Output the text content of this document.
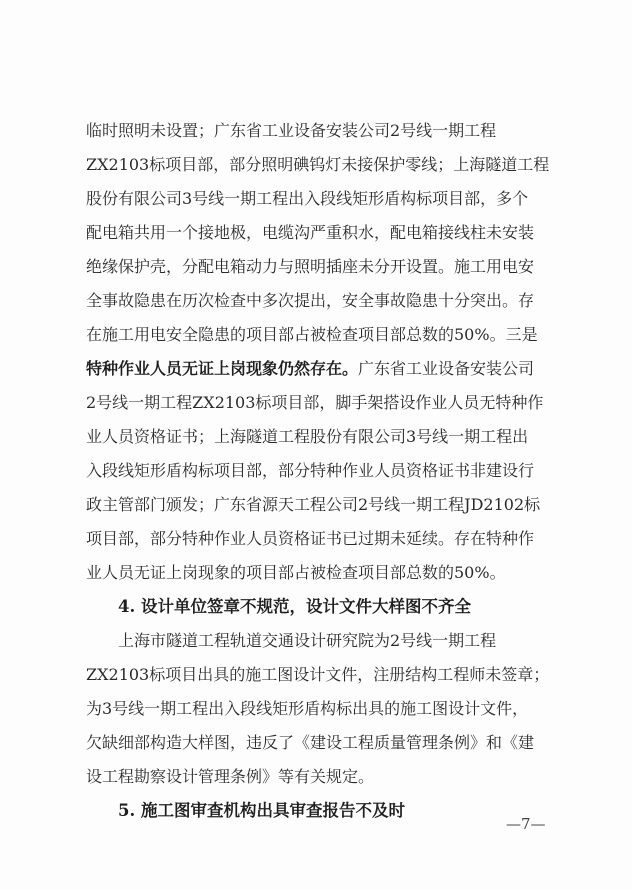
临时照明未设置；广东省工业设备安装公司2号线一期工程
ZX2103标项目部，部分照明碘钨灯未接保护零线；上海隧道工程
股份有限公司3号线一期工程出入段线矩形盾构标项目部，多个
配电箱共用一个接地极，电缆沟严重积水，配电箱接线柱未安装
绝缘保护壳，分配电箱动力与照明插座未分开设置。施工用电安
全事故隐患在历次检查中多次提出，安全事故隐患十分突出。存
在施工用电安全隐患的项目部占被检查项目部总数的50%。三是
特种作业人员无证上岗现象仍然存在。广东省工业设备安装公司
2号线一期工程ZX2103标项目部，脚手架搭设作业人员无特种作
业人员资格证书；上海隧道工程股份有限公司3号线一期工程出
入段线矩形盾构标项目部，部分特种作业人员资格证书非建设行
政主管部门颁发；广东省源天工程公司2号线一期工程JD2102标
项目部，部分特种作业人员资格证书已过期未延续。存在特种作
业人员无证上岗现象的项目部占被检查项目部总数的50%。
4. 设计单位签章不规范，设计文件大样图不齐全
上海市隧道工程轨道交通设计研究院为2号线一期工程
ZX2103标项目出具的施工图设计文件，注册结构工程师未签章；
为3号线一期工程出入段线矩形盾构标出具的施工图设计文件，
欠缺细部构造大样图，违反了《建设工程质量管理条例》和《建
设工程勘察设计管理条例》等有关规定。
5. 施工图审查机构出具审查报告不及时
—7—
